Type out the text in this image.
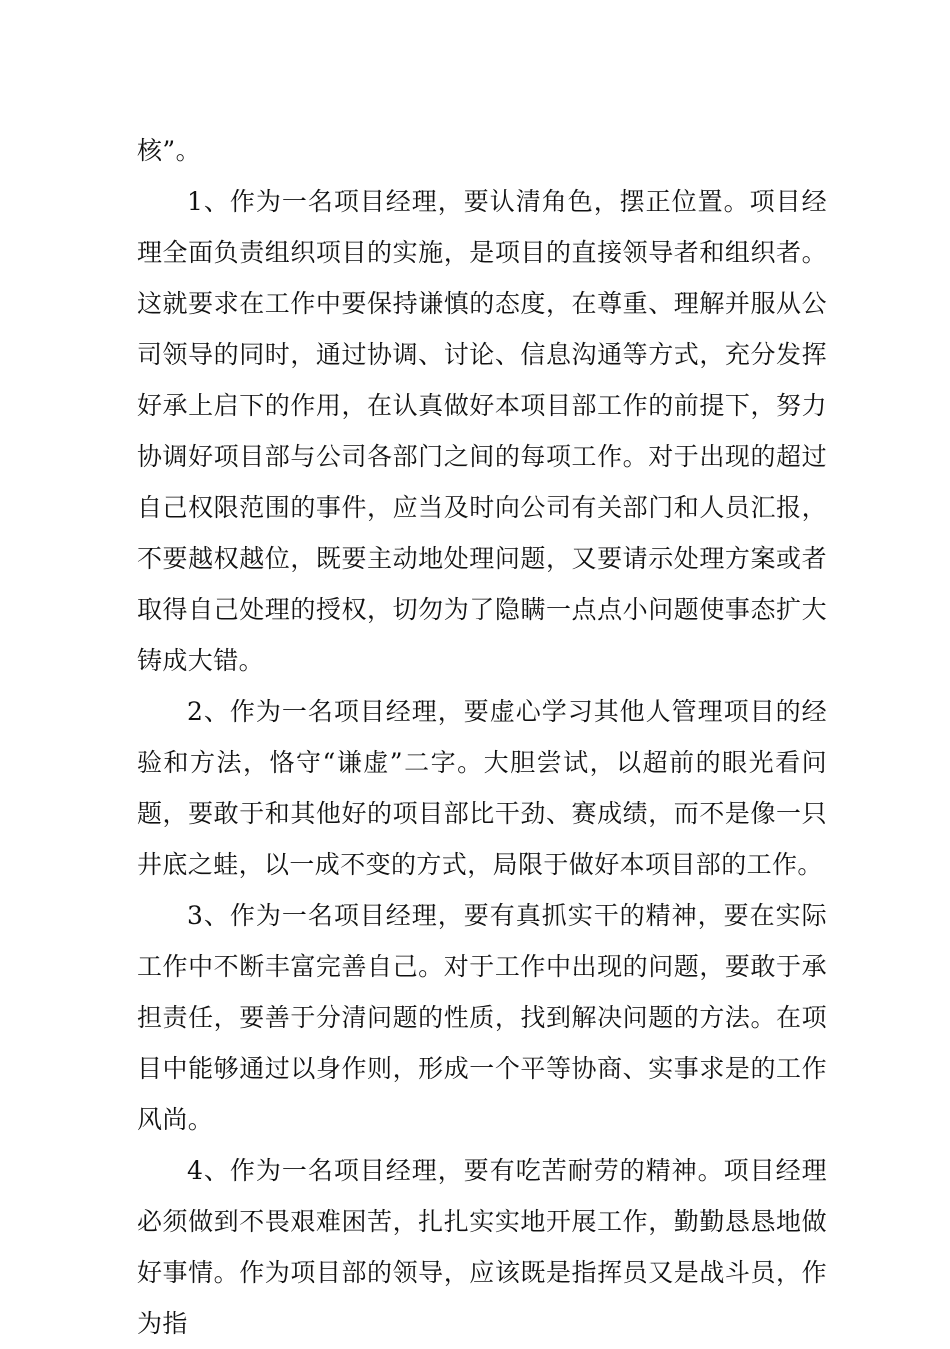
核”。

1、作为一名项目经理，要认清角色，摆正位置。项目经理全面负责组织项目的实施，是项目的直接领导者和组织者。这就要求在工作中要保持谦慎的态度，在尊重、理解并服从公司领导的同时，通过协调、讨论、信息沟通等方式，充分发挥好承上启下的作用，在认真做好本项目部工作的前提下，努力协调好项目部与公司各部门之间的每项工作。对于出现的超过自己权限范围的事件，应当及时向公司有关部门和人员汇报，不要越权越位，既要主动地处理问题，又要请示处理方案或者取得自己处理的授权，切勿为了隐瞒一点点小问题使事态扩大铸成大错。

2、作为一名项目经理，要虚心学习其他人管理项目的经验和方法，恪守“谦虚”二字。大胆尝试，以超前的眼光看问题，要敢于和其他好的项目部比干劲、赛成绩，而不是像一只井底之蛙，以一成不变的方式，局限于做好本项目部的工作。

3、作为一名项目经理，要有真抓实干的精神，要在实际工作中不断丰富完善自己。对于工作中出现的问题，要敢于承担责任，要善于分清问题的性质，找到解决问题的方法。在项目中能够通过以身作则，形成一个平等协商、实事求是的工作风尚。

4、作为一名项目经理，要有吃苦耐劳的精神。项目经理必须做到不畏艰难困苦，扎扎实实地开展工作，勤勤恳恳地做好事情。作为项目部的领导，应该既是指挥员又是战斗员，作为指
